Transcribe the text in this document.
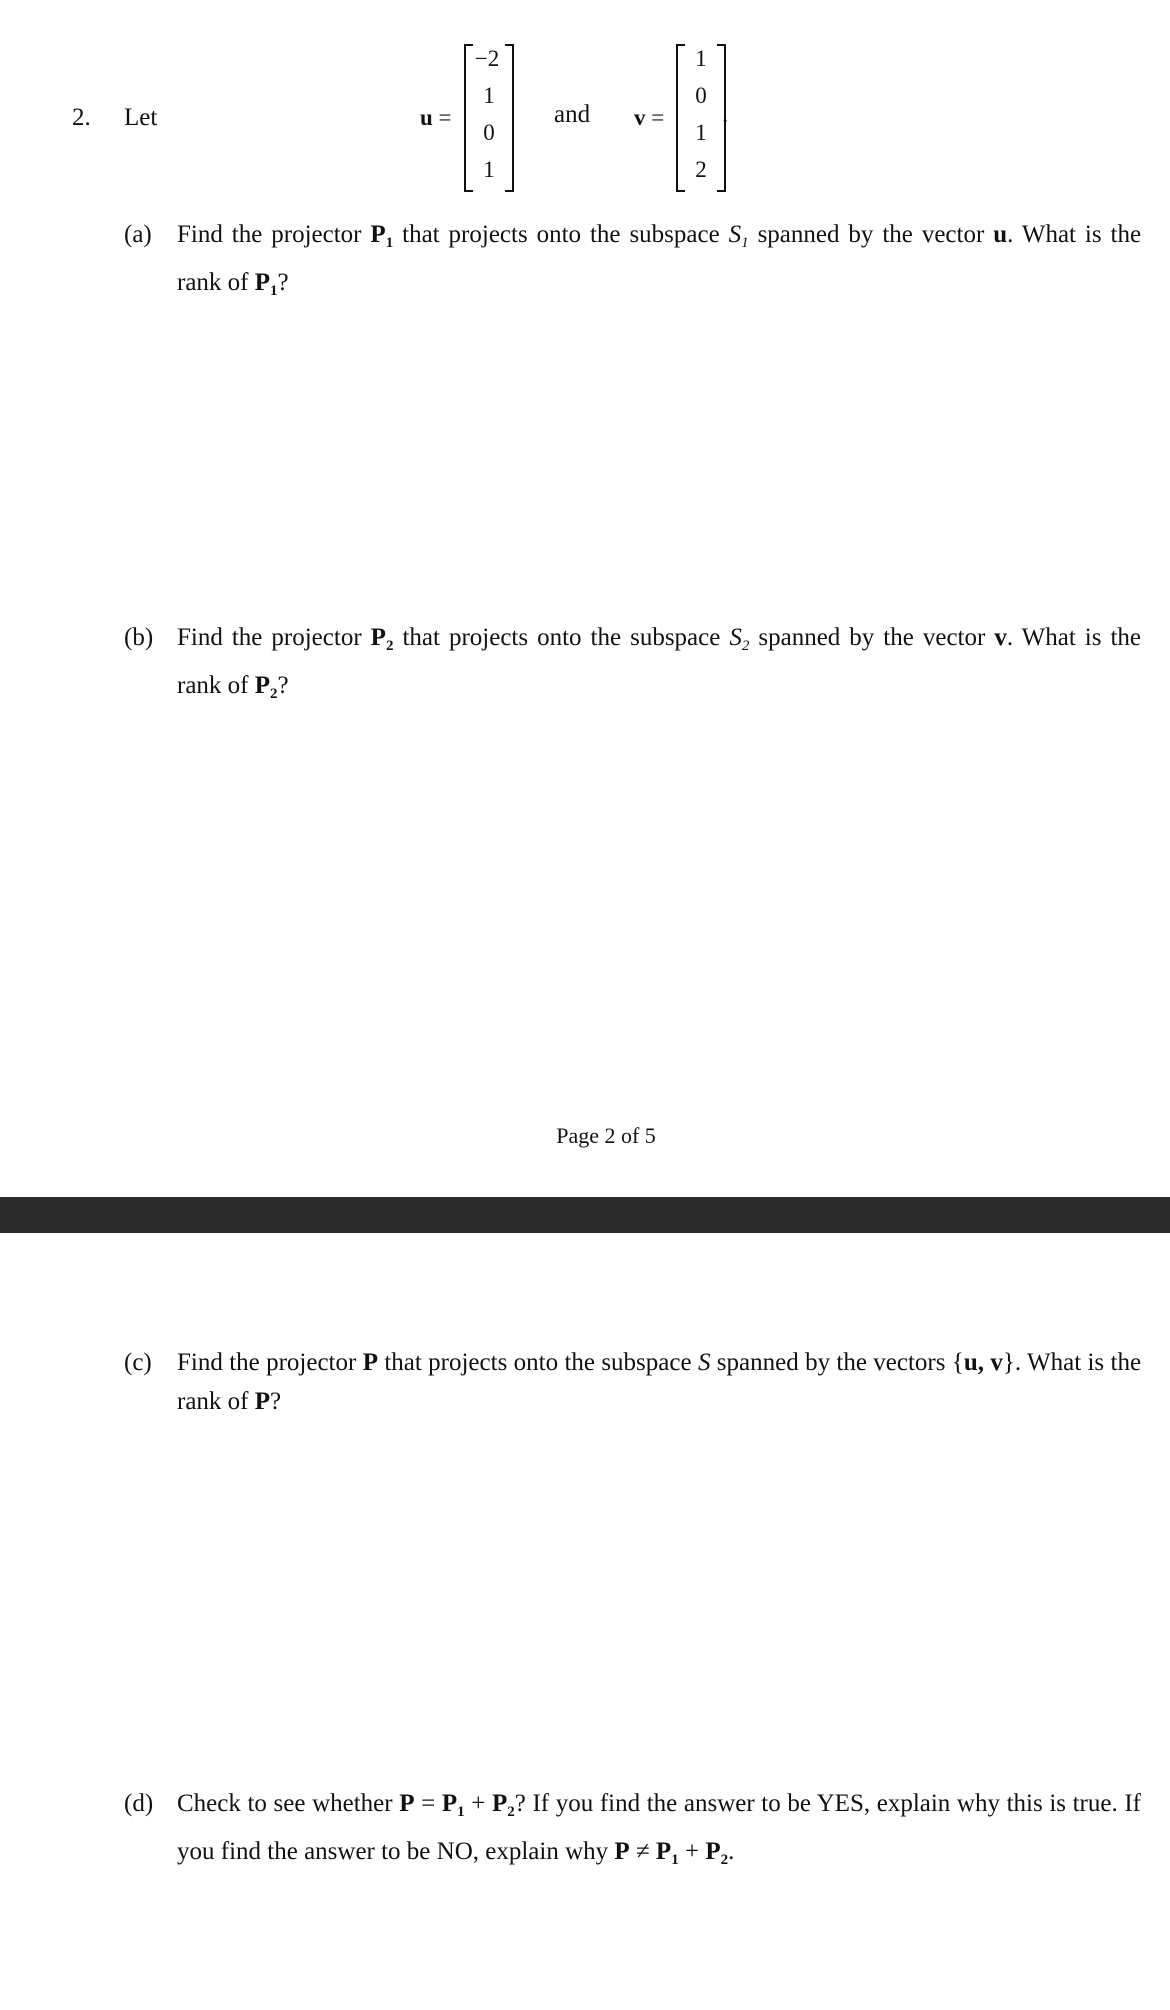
2. Let	u =
−2
1
0
1
and v =
1
0
1
2
.
(a) Find the projector $P_1$ that projects onto the subspace $S_1$ spanned by the vector u. What is the rank of $P_1$?
(b) Find the projector $P_2$ that projects onto the subspace $S_2$ spanned by the vector v. What is the rank of $P_2$?
Page 2 of 5
(c) Find the projector P that projects onto the subspace S spanned by the vectors {u, v}. What is the rank of P?
(d) Check to see whether $P = P_1 + P_2$? If you find the answer to be YES, explain why this is true. If you find the answer to be NO, explain why $P \ne P_1 + P_2$.
